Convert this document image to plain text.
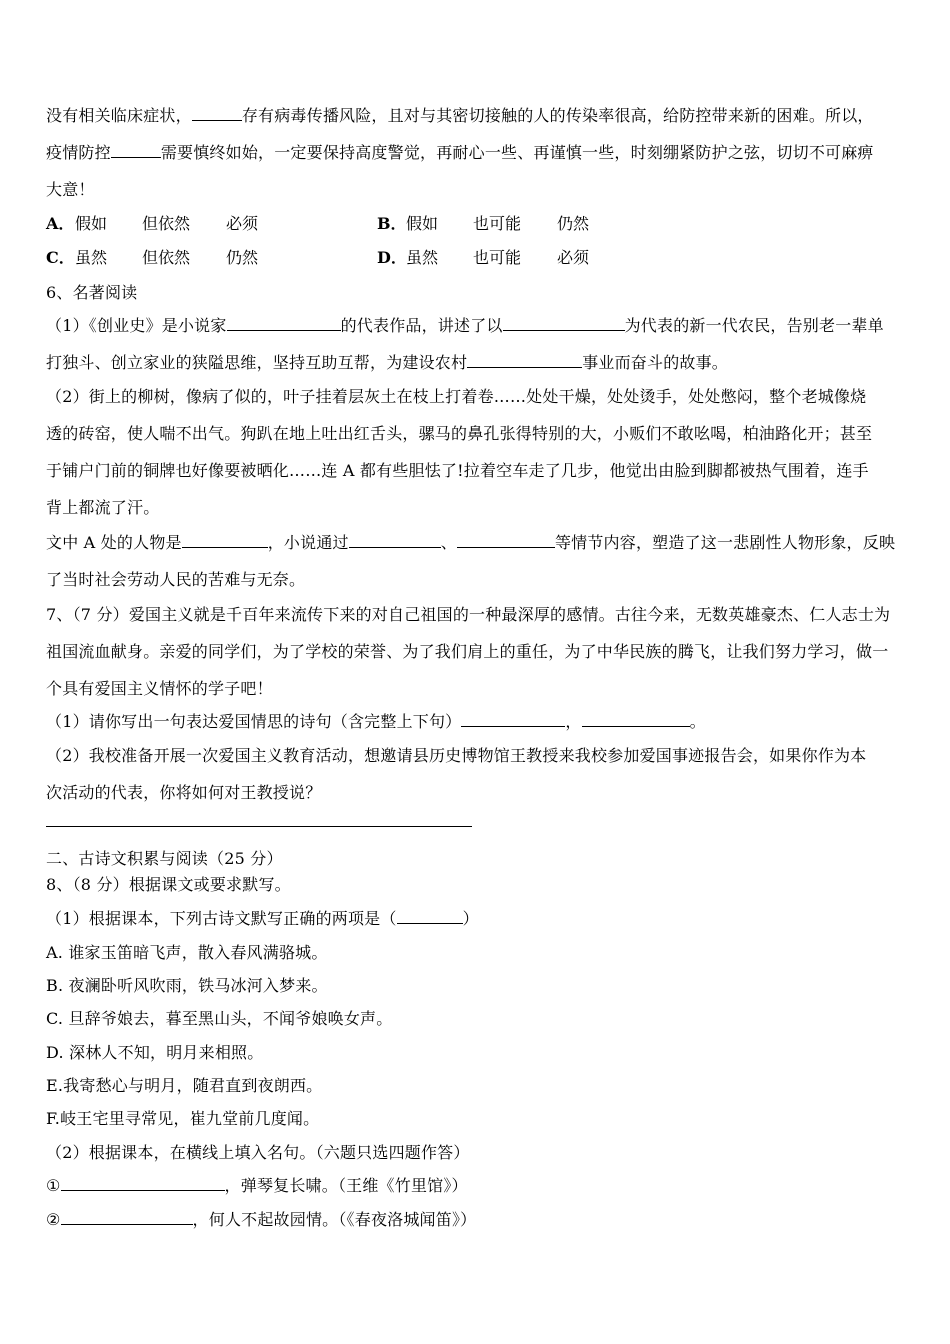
没有相关临床症状，	存有病毒传播风险，且对与其密切接触的人的传染率很高，给防控带来新的困难。所以，
疫情防控	需要慎终如始，一定要保持高度警觉，再耐心一些、再谨慎一些，时刻绷紧防护之弦，切切不可麻痹
大意！
A． 假如 但依然 必须	B． 假如 也可能 仍然
C． 虽然 但依然 仍然	D． 虽然 也可能 必须
6、名著阅读
（1）《创业史》是小说家	的代表作品，讲述了以	为代表的新一代农民，告别老一辈单
打独斗、创立家业的狭隘思维，坚持互助互帮，为建设农村	事业而奋斗的故事。
（2）街上的柳树，像病了似的，叶子挂着层灰土在枝上打着卷……处处干燥，处处烫手，处处憋闷，整个老城像烧
透的砖窑，使人喘不出气。狗趴在地上吐出红舌头，骡马的鼻孔张得特别的大，小贩们不敢吆喝，柏油路化开；甚至
于铺户门前的铜牌也好像要被晒化……连 A 都有些胆怯了!拉着空车走了几步，他觉出由脸到脚都被热气围着，连手
背上都流了汗。
文中 A 处的人物是	，小说通过	、	等情节内容，塑造了这一悲剧性人物形象，反映
了当时社会劳动人民的苦难与无奈。
7、（7 分）爱国主义就是千百年来流传下来的对自己祖国的一种最深厚的感情。古往今来，无数英雄豪杰、仁人志士为
祖国流血献身。亲爱的同学们，为了学校的荣誉、为了我们肩上的重任，为了中华民族的腾飞，让我们努力学习，做一
个具有爱国主义情怀的学子吧！
（1）请你写出一句表达爱国情思的诗句（含完整上下句）	，	。
（2）我校准备开展一次爱国主义教育活动，想邀请县历史博物馆王教授来我校参加爱国事迹报告会，如果你作为本
次活动的代表，你将如何对王教授说？
二、古诗文积累与阅读（25 分）
8、（8 分）根据课文或要求默写。
（1）根据课本，下列古诗文默写正确的两项是（	）
A. 谁家玉笛暗飞声，散入春风满骆城。
B. 夜澜卧听风吹雨，铁马冰河入梦来。
C. 旦辞爷娘去，暮至黑山头，不闻爷娘唤女声。
D. 深林人不知，明月来相照。
E.我寄愁心与明月，随君直到夜朗西。
F.岐王宅里寻常见，崔九堂前几度闻。
（2）根据课本，在横线上填入名句。（六题只选四题作答）
①	，弹琴复长啸。（王维《竹里馆》）
②	，何人不起故园情。（《春夜洛城闻笛》）
